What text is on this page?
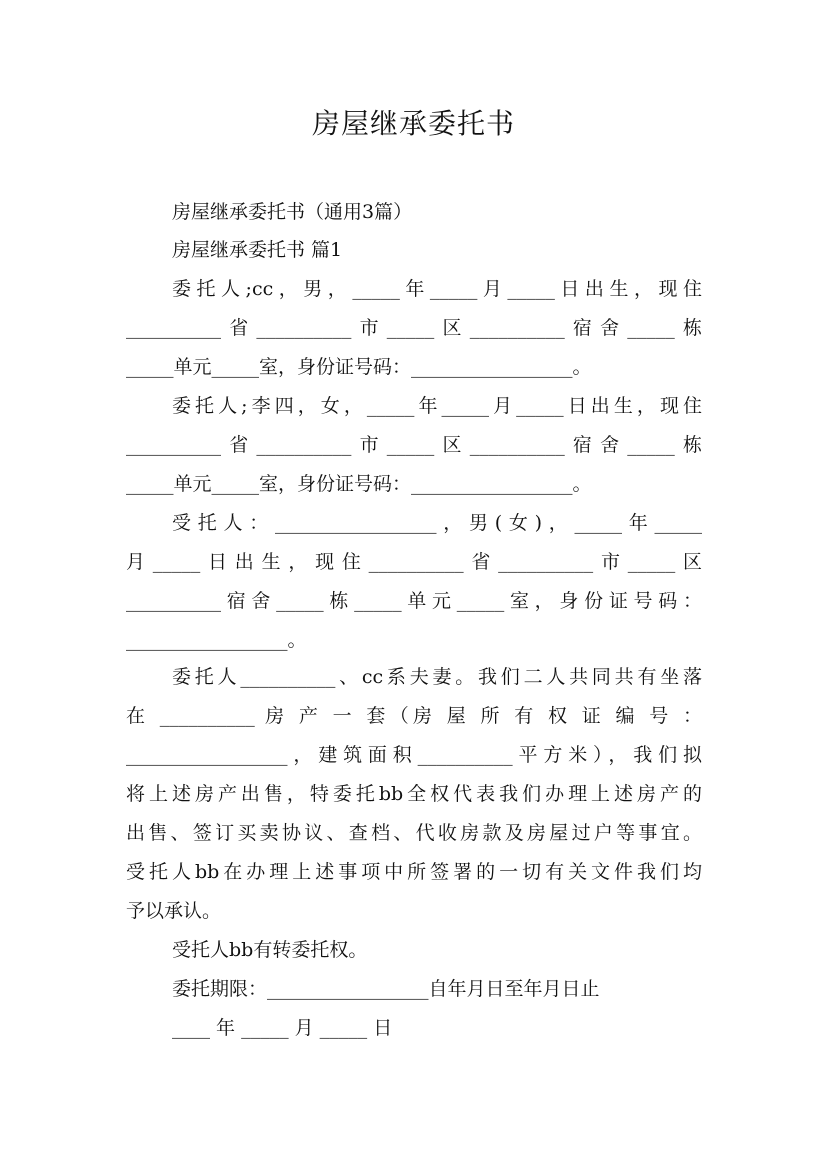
房屋继承委托书
房屋继承委托书（通用3篇）
房屋继承委托书 篇1
委托人;cc，男，_____年_____月_____日出生，现住
__________省__________市_____区__________宿舍_____栋
_____单元_____室，身份证号码：_________________。
委托人;李四，女，_____年_____月_____日出生，现住
__________省__________市_____区__________宿舍_____栋
_____单元_____室，身份证号码：_________________。
受托人：_________________，男(女)，_____年_____
月_____日出生，现住__________省__________市_____区
__________宿舍_____栋_____单元_____室，身份证号码：
_________________。
委托人__________、cc系夫妻。我们二人共同共有坐落
在 __________ 房 产 一 套（房 屋 所 有 权 证 编 号 ：
_________________，建筑面积__________平方米），我们拟
将上述房产出售，特委托bb全权代表我们办理上述房产的
出售、签订买卖协议、查档、代收房款及房屋过户等事宜。
受托人bb在办理上述事项中所签署的一切有关文件我们均
予以承认。
受托人bb有转委托权。
委托期限：_________________自年月日至年月日止
____ 年 _____ 月 _____ 日
